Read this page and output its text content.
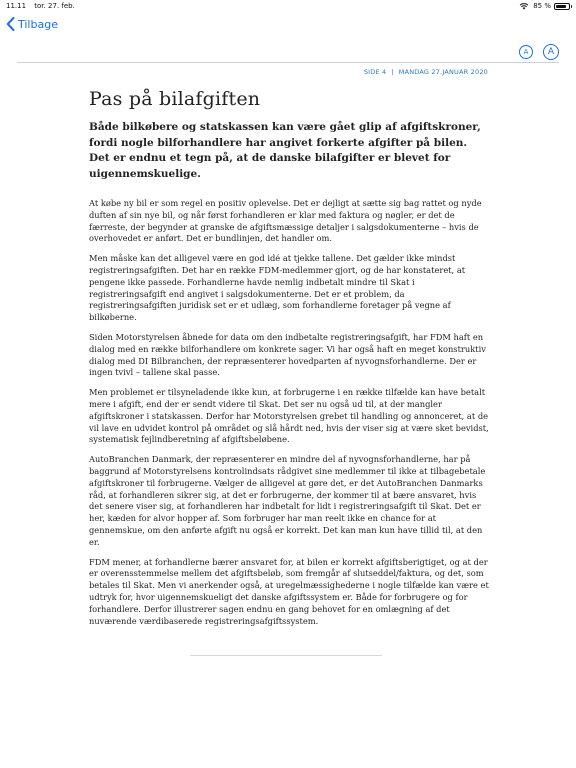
11.11 tor. 27. feb.	85 %
Tilbage
A	A
SIDE 4 | MANDAG 27.JANUAR 2020
Pas på bilafgiften

Både bilkøbere og statskassen kan være gået glip af afgiftskroner, fordi nogle bilforhandlere har angivet forkerte afgifter på bilen. Det er endnu et tegn på, at de danske bilafgifter er blevet for uigennemskuelige.

At købe ny bil er som regel en positiv oplevelse. Det er dejligt at sætte sig bag rattet og nyde duften af sin nye bil, og når først forhandleren er klar med faktura og nøgler, er det de færreste, der begynder at granske de afgiftsmæssige detaljer i salgsdokumenterne – hvis de overhovedet er anført. Det er bundlinjen, det handler om.

Men måske kan det alligevel være en god idé at tjekke tallene. Det gælder ikke mindst registreringsafgiften. Det har en række FDM-medlemmer gjort, og de har konstateret, at pengene ikke passede. Forhandlerne havde nemlig indbetalt mindre til Skat i registreringsafgift end angivet i salgsdokumenterne. Det er et problem, da registreringsafgiften juridisk set er et udlæg, som forhandlerne foretager på vegne af bilkøberne.

Siden Motorstyrelsen åbnede for data om den indbetalte registreringsafgift, har FDM haft en dialog med en række bilforhandlere om konkrete sager. Vi har også haft en meget konstruktiv dialog med DI Bilbranchen, der repræsenterer hovedparten af nyvognsforhandlerne. Der er ingen tvivl – tallene skal passe.

Men problemet er tilsyneladende ikke kun, at forbrugerne i en række tilfælde kan have betalt mere i afgift, end der er sendt videre til Skat. Det ser nu også ud til, at der mangler afgiftskroner i statskassen. Derfor har Motorstyrelsen grebet til handling og annonceret, at de vil lave en udvidet kontrol på området og slå hårdt ned, hvis der viser sig at være sket bevidst, systematisk fejlindberetning af afgiftsbeløbene.

AutoBranchen Danmark, der repræsenterer en mindre del af nyvognsforhandlerne, har på baggrund af Motorstyrelsens kontrolindsats rådgivet sine medlemmer til ikke at tilbagebetale afgiftskroner til forbrugerne. Vælger de alligevel at gøre det, er det AutoBranchen Danmarks råd, at forhandleren sikrer sig, at det er forbrugerne, der kommer til at bære ansvaret, hvis det senere viser sig, at forhandleren har indbetalt for lidt i registreringsafgift til Skat. Det er her, kæden for alvor hopper af. Som forbruger har man reelt ikke en chance for at gennemskue, om den anførte afgift nu også er korrekt. Det kan man kun have tillid til, at den er.

FDM mener, at forhandlerne bærer ansvaret for, at bilen er korrekt afgiftsberigtiget, og at der er overensstemmelse mellem det afgiftsbeløb, som fremgår af slutseddel/faktura, og det, som betales til Skat. Men vi anerkender også, at uregelmæssighederne i nogle tilfælde kan være et udtryk for, hvor uigennemskueligt det danske afgiftssystem er. Både for forbrugere og for forhandlere. Derfor illustrerer sagen endnu en gang behovet for en omlægning af det nuværende værdibaserede registreringsafgiftssystem.
